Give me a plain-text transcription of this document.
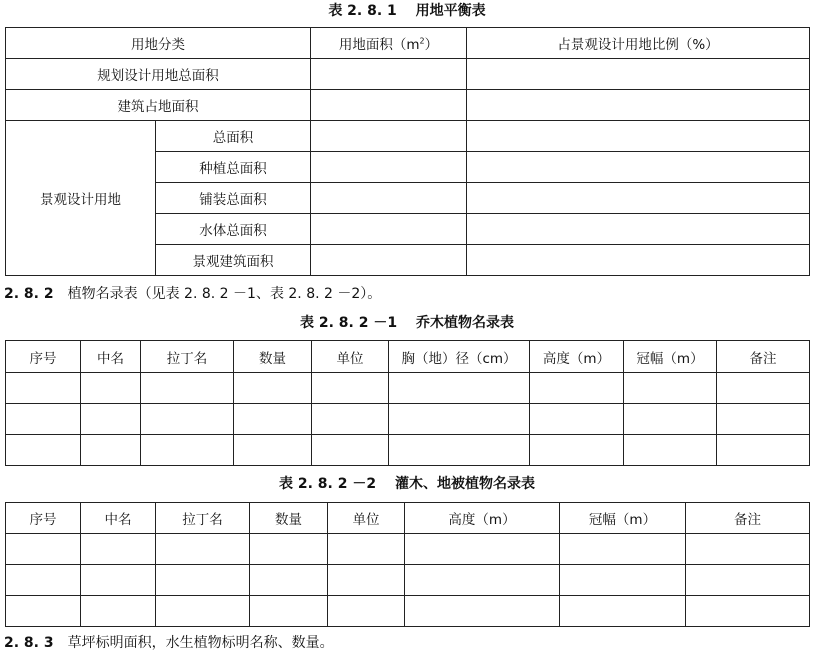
表 2. 8. 1　 用地平衡表
用地分类		用地面积$(m^2)$	占景观设计用地比例（%）
规划设计用地总面积			
建筑占地面积			
景观设计用地	总面积		
	种植总面积		
	铺装总面积		
	水体总面积		
	景观建筑面积		
2. 8. 2 植物名录表（见表 2. 8. 2 －1、表 2. 8. 2 －2）。
表 2. 8. 2 －1　 乔木植物名录表
序号	中名	拉丁名	数量	单位	胸（地）径（cm）	高度（m）	冠幅（m）	备注

表 2. 8. 2 －2　 灌木、地被植物名录表
序号	中名	拉丁名	数量	单位	高度（m）	冠幅（m）	备注

2. 8. 3 草坪标明面积，水生植物标明名称、数量。
